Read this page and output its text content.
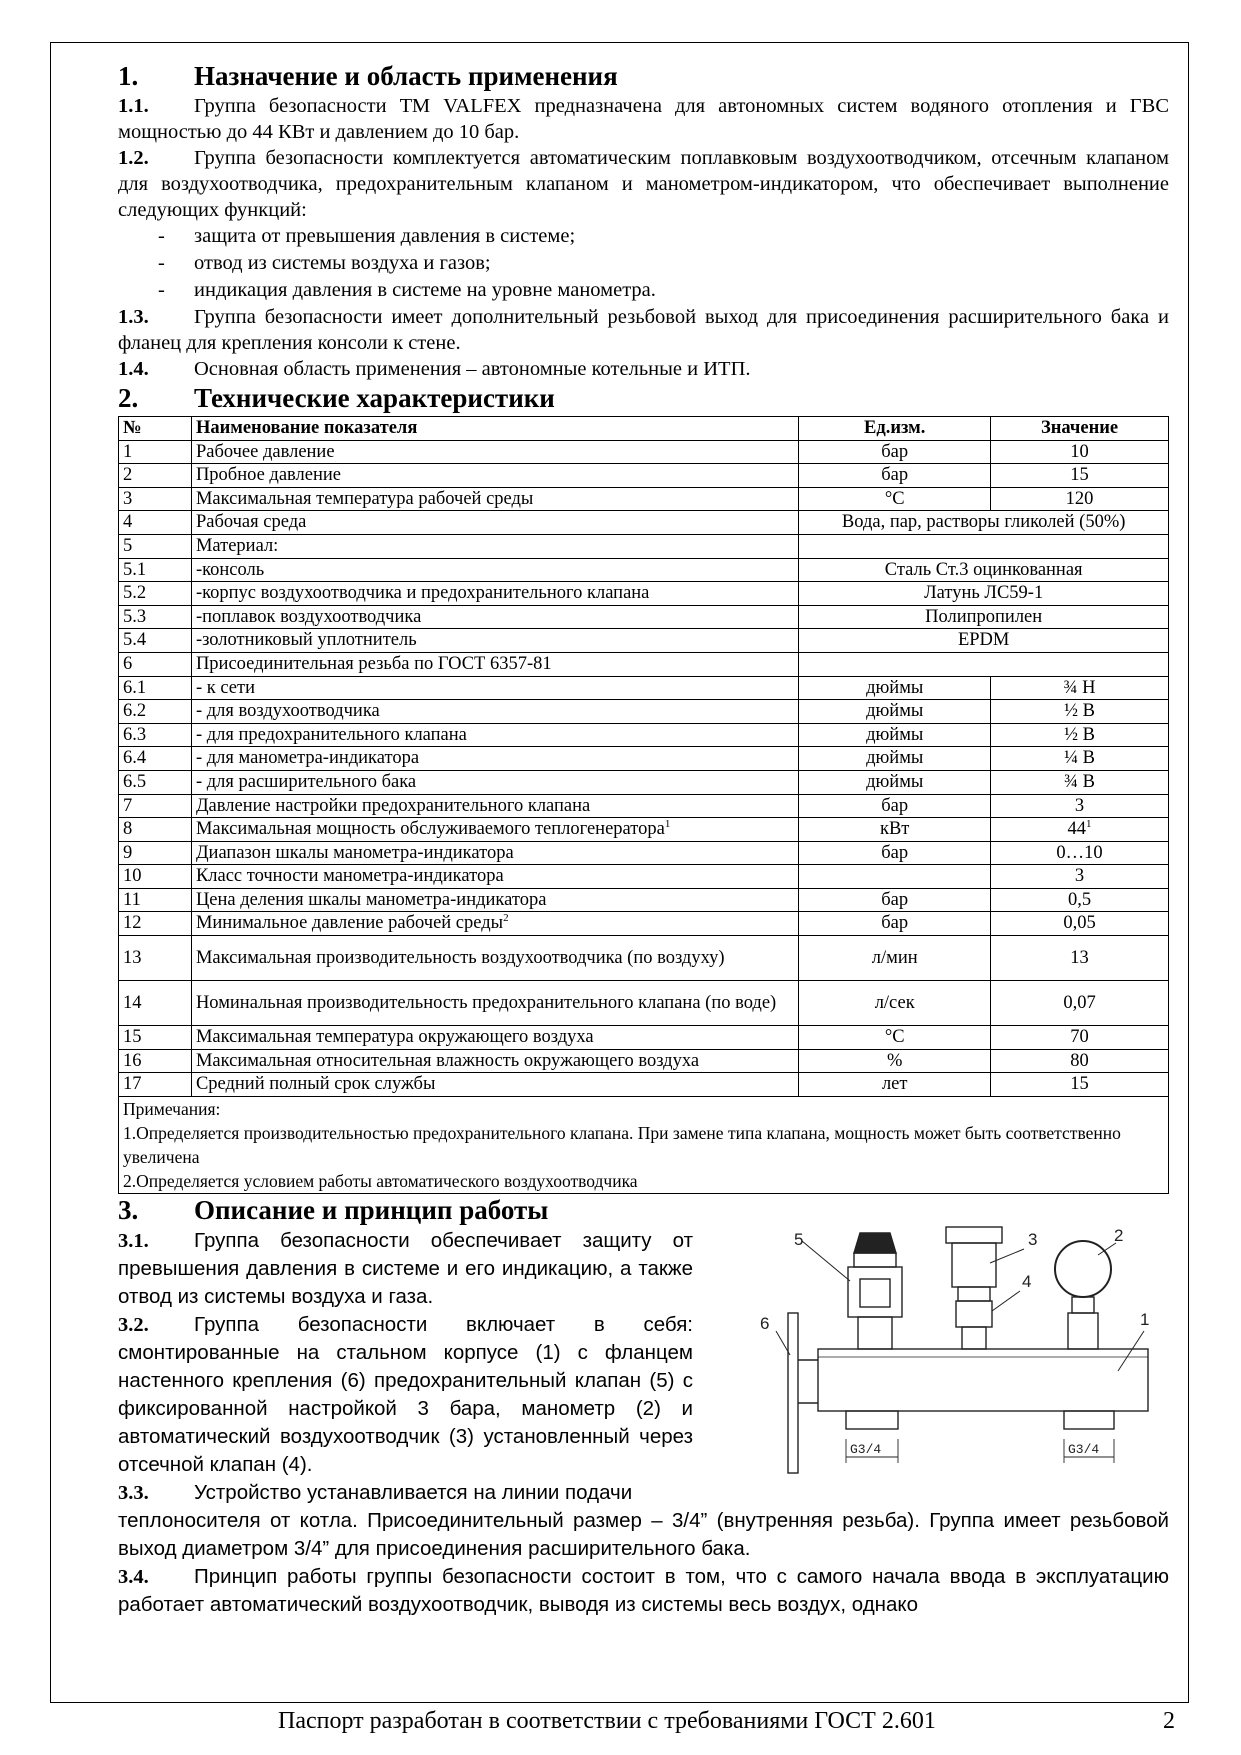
1.	Назначение и область применения
1.1. Группа безопасности ТМ VALFEX предназначена для автономных систем водяного отопления и ГВС мощностью до 44 КВт и давлением до 10 бар.
1.2. Группа безопасности комплектуется автоматическим поплавковым воздухоотводчиком, отсечным клапаном для воздухоотводчика, предохранительным клапаном и манометром-индикатором, что обеспечивает выполнение следующих функций:
-	защита от превышения давления в системе;
-	отвод из системы воздуха и газов;
-	индикация давления в системе на уровне манометра.
1.3. Группа безопасности имеет дополнительный резьбовой выход для присоединения расширительного бака и фланец для крепления консоли к стене.
1.4. Основная область применения – автономные котельные и ИТП.
2.	Технические характеристики
№	Наименование показателя	Ед.изм.	Значение
1	Рабочее давление	бар	10
2	Пробное давление	бар	15
3	Максимальная температура рабочей среды	°C	120
4	Рабочая среда	Вода, пар, растворы гликолей (50%)	
5	Материал:		
5.1	-консоль	Сталь Ст.3 оцинкованная	
5.2	-корпус воздухоотводчика и предохранительного клапана	Латунь ЛС59-1	
5.3	-поплавок воздухоотводчика	Полипропилен	
5.4	-золотниковый уплотнитель	EPDM	
6	Присоединительная резьба по ГОСТ 6357-81		
6.1	- к сети	дюймы	¾ Н
6.2	- для воздухоотводчика	дюймы	½ В
6.3	- для предохранительного клапана	дюймы	½ В
6.4	- для манометра-индикатора	дюймы	¼ В
6.5	- для расширительного бака	дюймы	¾ В
7	Давление настройки предохранительного клапана	бар	3
8	Максимальная мощность обслуживаемого теплогенератора$^1$	кВт	$44^1$
9	Диапазон шкалы манометра-индикатора	бар	0…10
10	Класс точности манометра-индикатора		3
11	Цена деления шкалы манометра-индикатора	бар	0,5
12	Минимальное давление рабочей среды$^2$	бар	0,05
13	Максимальная производительность воздухоотводчика (по воздуху)	л/мин	13
14	Номинальная производительность предохранительного клапана (по воде)	л/сек	0,07
15	Максимальная температура окружающего воздуха	°C	70
16	Максимальная относительная влажность окружающего воздуха	%	80
17	Средний полный срок службы	лет	15
Примечания:
1.Определяется производительностью предохранительного клапана. При замене типа клапана, мощность может быть соответственно увеличена
2.Определяется условием работы автоматического воздухоотводчика
3.	Описание и принцип работы
3.1. Группа безопасности обеспечивает защиту от превышения давления в системе и его индикацию, а также отвод из системы воздуха и газа.
3.2. Группа безопасности включает в себя: смонтированные на стальном корпусе (1) с фланцем настенного крепления (6) предохранительный клапан (5) с фиксированной настройкой 3 бара, манометр (2) и автоматический воздухоотводчик (3) установленный через отсечной клапан (4).
3.3. Устройство устанавливается на линии подачи
теплоносителя от котла. Присоединительный размер – 3/4” (внутренняя резьба). Группа имеет резьбовой выход диаметром 3/4” для присоединения расширительного бака.
3.4. Принцип работы группы безопасности состоит в том, что с самого начала ввода в эксплуатацию работает автоматический воздухоотводчик, выводя из системы весь воздух, однако
1
2
3
4
5
6
G3/4	G3/4
Паспорт разработан в соответствии с требованиями ГОСТ 2.601	2
